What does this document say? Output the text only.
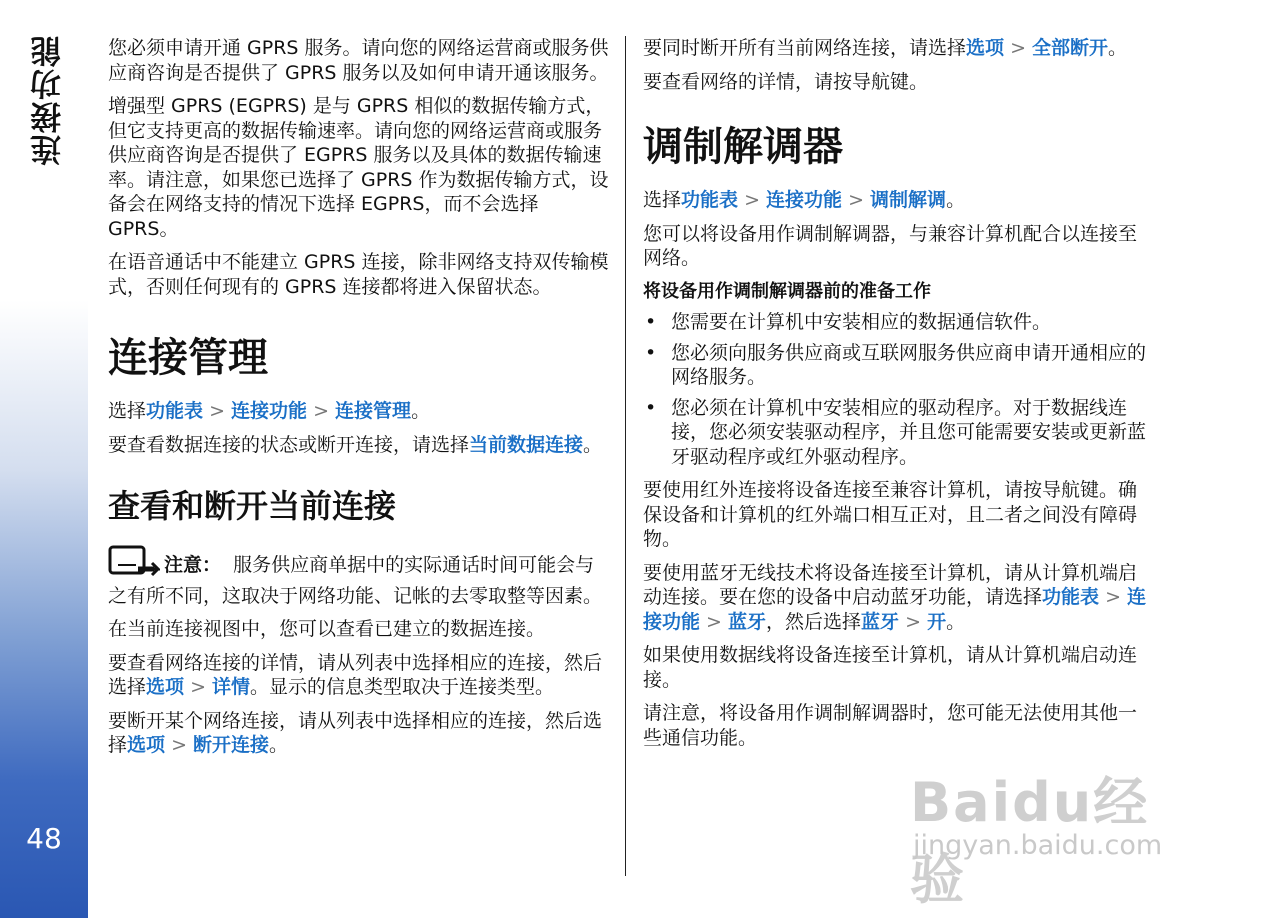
连接功能
48

您必须申请开通 GPRS 服务。请向您的网络运营商或服务供应商咨询是否提供了 GPRS 服务以及如何申请开通该服务。

增强型 GPRS (EGPRS) 是与 GPRS 相似的数据传输方式，但它支持更高的数据传输速率。请向您的网络运营商或服务供应商咨询是否提供了 EGPRS 服务以及具体的数据传输速率。请注意，如果您已选择了 GPRS 作为数据传输方式，设备会在网络支持的情况下选择 EGPRS，而不会选择 GPRS。

在语音通话中不能建立 GPRS 连接，除非网络支持双传输模式，否则任何现有的 GPRS 连接都将进入保留状态。

连接管理

选择功能表 > 连接功能 > 连接管理。

要查看数据连接的状态或断开连接，请选择当前数据连接。

查看和断开当前连接

注意： 服务供应商单据中的实际通话时间可能会与之有所不同，这取决于网络功能、记帐的去零取整等因素。

在当前连接视图中，您可以查看已建立的数据连接。

要查看网络连接的详情，请从列表中选择相应的连接，然后选择选项 > 详情。显示的信息类型取决于连接类型。

要断开某个网络连接，请从列表中选择相应的连接，然后选择选项 > 断开连接。

要同时断开所有当前网络连接，请选择选项 > 全部断开。

要查看网络的详情，请按导航键。

调制解调器

选择功能表 > 连接功能 > 调制解调。

您可以将设备用作调制解调器，与兼容计算机配合以连接至网络。

将设备用作调制解调器前的准备工作
• 您需要在计算机中安装相应的数据通信软件。
• 您必须向服务供应商或互联网服务供应商申请开通相应的网络服务。
• 您必须在计算机中安装相应的驱动程序。对于数据线连接，您必须安装驱动程序，并且您可能需要安装或更新蓝牙驱动程序或红外驱动程序。

要使用红外连接将设备连接至兼容计算机，请按导航键。确保设备和计算机的红外端口相互正对，且二者之间没有障碍物。

要使用蓝牙无线技术将设备连接至计算机，请从计算机端启动连接。要在您的设备中启动蓝牙功能，请选择功能表 > 连接功能 > 蓝牙，然后选择蓝牙 > 开。

如果使用数据线将设备连接至计算机，请从计算机端启动连接。

请注意，将设备用作调制解调器时，您可能无法使用其他一些通信功能。

Baidu经验
jingyan.baidu.com
